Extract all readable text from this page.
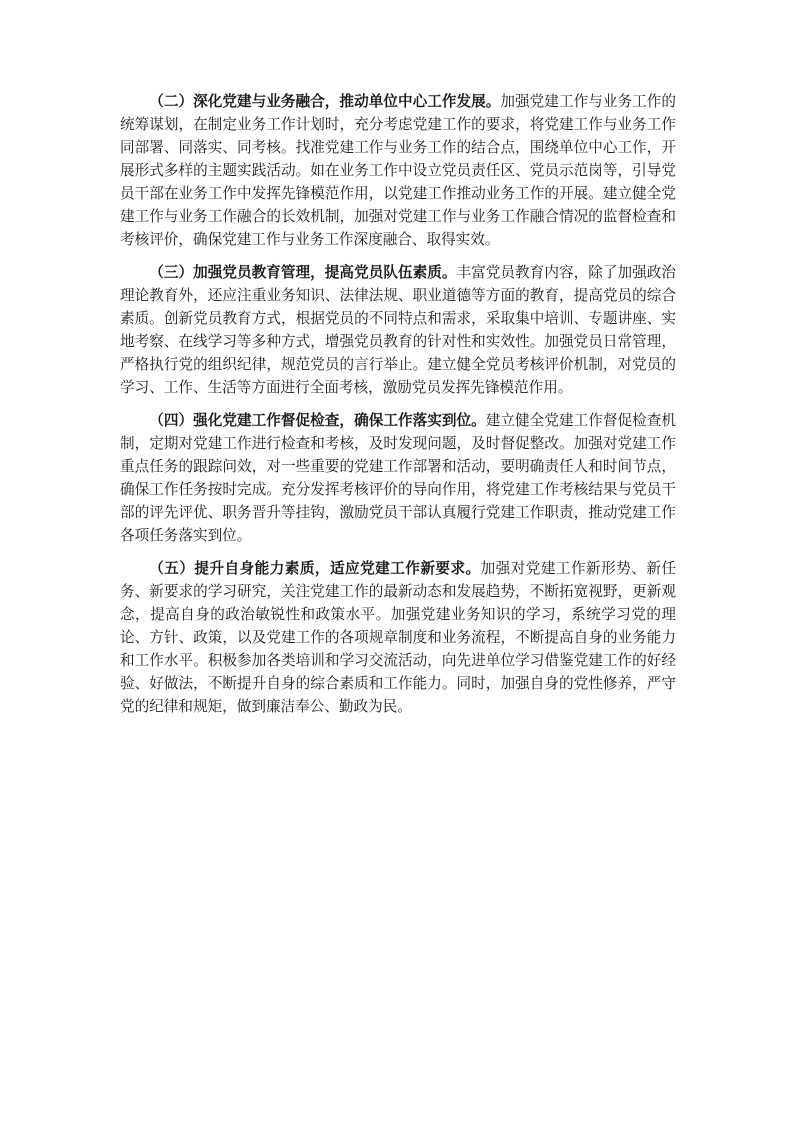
（二）深化党建与业务融合，推动单位中心工作发展。加强党建工作与业务工作的统筹谋划，在制定业务工作计划时，充分考虑党建工作的要求，将党建工作与业务工作同部署、同落实、同考核。找准党建工作与业务工作的结合点，围绕单位中心工作，开展形式多样的主题实践活动。如在业务工作中设立党员责任区、党员示范岗等，引导党员干部在业务工作中发挥先锋模范作用，以党建工作推动业务工作的开展。建立健全党建工作与业务工作融合的长效机制，加强对党建工作与业务工作融合情况的监督检查和考核评价，确保党建工作与业务工作深度融合、取得实效。

（三）加强党员教育管理，提高党员队伍素质。丰富党员教育内容，除了加强政治理论教育外，还应注重业务知识、法律法规、职业道德等方面的教育，提高党员的综合素质。创新党员教育方式，根据党员的不同特点和需求，采取集中培训、专题讲座、实地考察、在线学习等多种方式，增强党员教育的针对性和实效性。加强党员日常管理，严格执行党的组织纪律，规范党员的言行举止。建立健全党员考核评价机制，对党员的学习、工作、生活等方面进行全面考核，激励党员发挥先锋模范作用。

（四）强化党建工作督促检查，确保工作落实到位。建立健全党建工作督促检查机制，定期对党建工作进行检查和考核，及时发现问题，及时督促整改。加强对党建工作重点任务的跟踪问效，对一些重要的党建工作部署和活动，要明确责任人和时间节点，确保工作任务按时完成。充分发挥考核评价的导向作用，将党建工作考核结果与党员干部的评先评优、职务晋升等挂钩，激励党员干部认真履行党建工作职责，推动党建工作各项任务落实到位。

（五）提升自身能力素质，适应党建工作新要求。加强对党建工作新形势、新任务、新要求的学习研究，关注党建工作的最新动态和发展趋势，不断拓宽视野，更新观念，提高自身的政治敏锐性和政策水平。加强党建业务知识的学习，系统学习党的理论、方针、政策，以及党建工作的各项规章制度和业务流程，不断提高自身的业务能力和工作水平。积极参加各类培训和学习交流活动，向先进单位学习借鉴党建工作的好经验、好做法，不断提升自身的综合素质和工作能力。同时，加强自身的党性修养，严守党的纪律和规矩，做到廉洁奉公、勤政为民。
